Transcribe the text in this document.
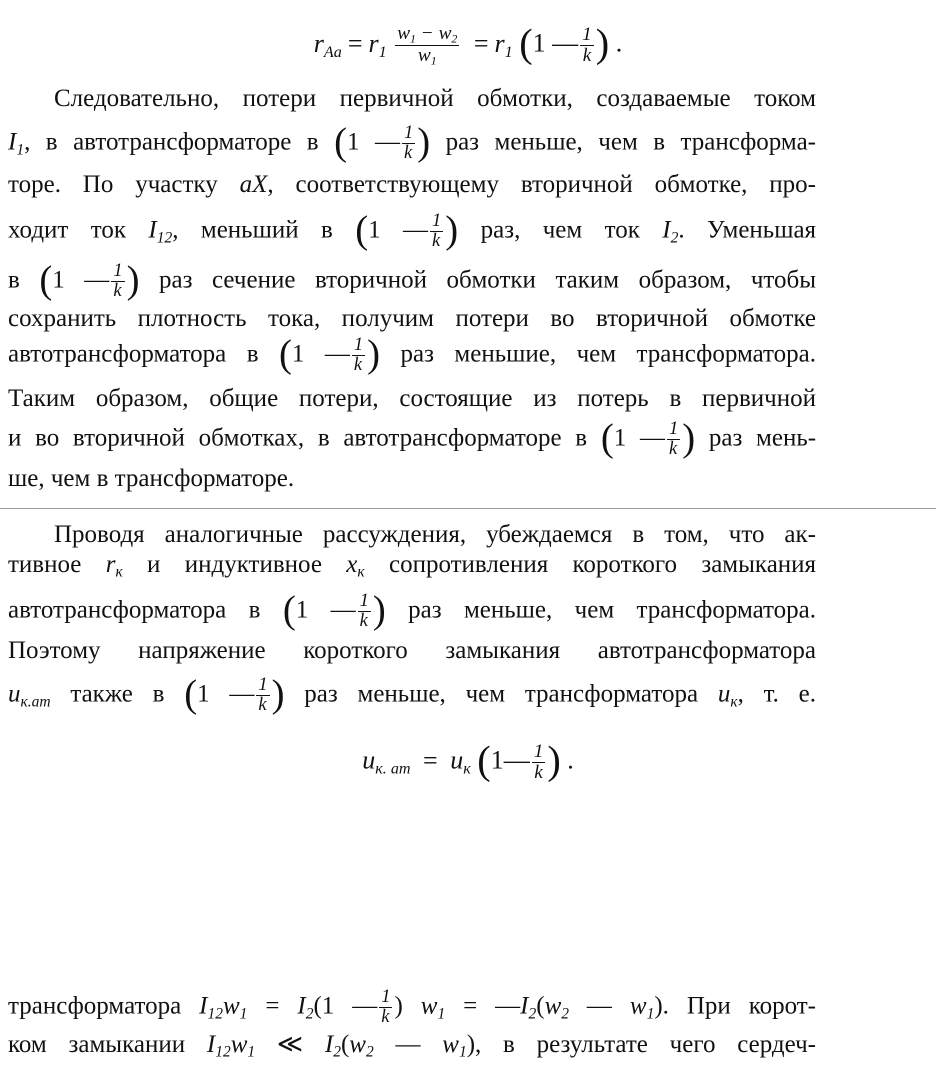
$r_{Aa} = r_1 \frac{w_1 - w_2}{w_1} = r_1$ (1 — $\frac{1}{k}$ ) .
Следовательно, потери первичной обмотки, создаваемые током
$I_1$, в автотрансформаторе в (1 — $\frac{1}{k}$ ) раз меньше, чем в трансформа-
торе. По участку aX, соответствующему вторичной обмотке, про-
ходит ток $I_{12}$, меньший в (1 — $\frac{1}{k}$ ) раз, чем ток $I_2$. Уменьшая
в (1 — $\frac{1}{k}$ ) раз сечение вторичной обмотки таким образом, чтобы
сохранить плотность тока, получим потери во вторичной обмотке
автотрансформатора в (1 — $\frac{1}{k}$ ) раз меньшие, чем трансформатора.
Таким образом, общие потери, состоящие из потерь в первичной
и во вторичной обмотках, в автотрансформаторе в (1 — $\frac{1}{k}$ ) раз мень-
ше, чем в трансформаторе.
Проводя аналогичные рассуждения, убеждаемся в том, что ак-
тивное $r_к$ и индуктивное $x_к$ сопротивления короткого замыкания
автотрансформатора в (1 — $\frac{1}{k}$ ) раз меньше, чем трансформатора.
Поэтому напряжение короткого замыкания автотрансформатора
$u_{к.ат}$ также в (1 — $\frac{1}{k}$ ) раз меньше, чем трансформатора $u_к$, т. е.
$u_{к. ат} = u_к$ (1— $\frac{1}{k}$ ) .
трансформатора $I_{12}w_1 = I_2(1$ — $\frac{1}{k}$ ) $w_1$ = $—I_2(w_2$ — $w_1$). При корот-
ком замыкании $I_{12}w_1$ ≪ $I_2(w_2$ — $w_1$), в результате чего сердеч-
